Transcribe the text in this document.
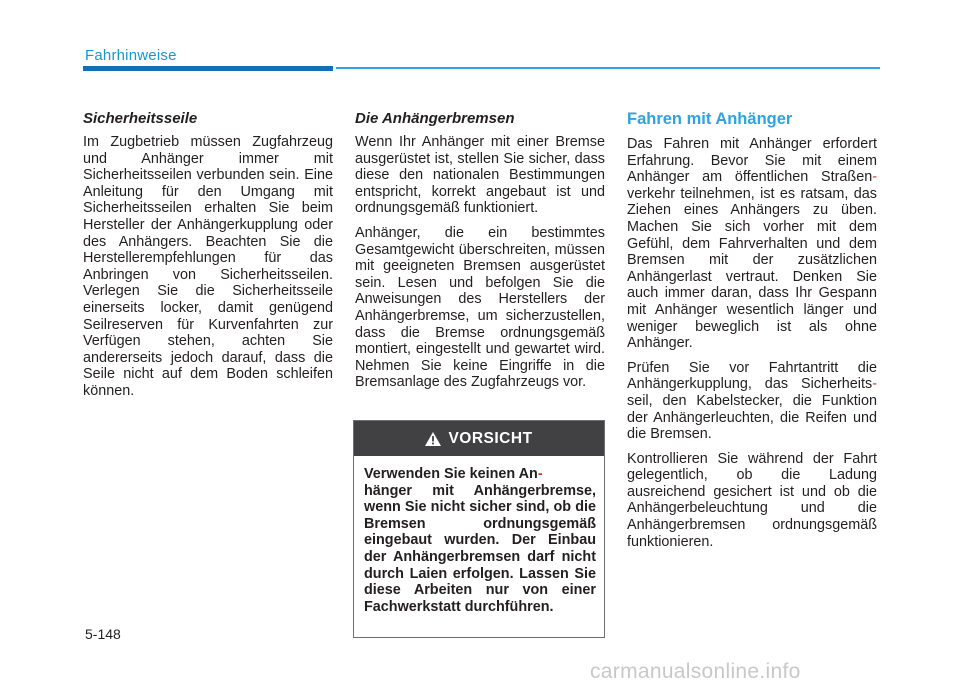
Fahrhinweise
Sicherheitsseile

Im Zugbetrieb müssen Zugfahrzeug und Anhänger immer mit Sicherheitsseilen verbunden sein. Eine Anleitung für den Umgang mit Sicherheitsseilen erhalten Sie beim Hersteller der Anhängerkupplung oder des Anhängers. Beachten Sie die Herstellerempfehlungen für das Anbringen von Sicherheitsseilen. Verlegen Sie die Sicherheitsseile einerseits locker, damit genügend Seilreserven für Kurvenfahrten zur Verfügen stehen, achten Sie andererseits jedoch darauf, dass die Seile nicht auf dem Boden schleifen können.

Die Anhängerbremsen

Wenn Ihr Anhänger mit einer Bremse ausgerüstet ist, stellen Sie sicher, dass diese den nationalen Bestimmungen entspricht, korrekt angebaut ist und ordnungsgemäß funktioniert.

Anhänger, die ein bestimmtes Gesamtgewicht überschreiten, müssen mit geeigneten Bremsen ausgerüstet sein. Lesen und befolgen Sie die Anweisungen des Herstellers der Anhängerbremse, um sicherzustellen, dass die Bremse ordnungsgemäß montiert, eingestellt und gewartet wird. Nehmen Sie keine Eingriffe in die Bremsanlage des Zugfahrzeugs vor.

VORSICHT
Verwenden Sie keinen An-
hänger mit Anhängerbremse, wenn Sie nicht sicher sind, ob die Bremsen ordnungsgemäß eingebaut wurden. Der Einbau der Anhängerbremsen darf nicht durch Laien erfolgen. Lassen Sie diese Arbeiten nur von einer Fachwerkstatt durchführen.
Fahren mit Anhänger

Das Fahren mit Anhänger erfordert Erfahrung. Bevor Sie mit einem Anhänger am öffentlichen Straßen-verkehr teilnehmen, ist es ratsam, das Ziehen eines Anhängers zu üben. Machen Sie sich vorher mit dem Gefühl, dem Fahrverhalten und dem Bremsen mit der zusätzlichen Anhängerlast vertraut. Denken Sie auch immer daran, dass Ihr Gespann mit Anhänger wesentlich länger und weniger beweglich ist als ohne Anhänger.

Prüfen Sie vor Fahrtantritt die Anhängerkupplung, das Sicherheits-seil, den Kabelstecker, die Funktion der Anhängerleuchten, die Reifen und die Bremsen.

Kontrollieren Sie während der Fahrt gelegentlich, ob die Ladung ausreichend gesichert ist und ob die Anhängerbeleuchtung und die Anhängerbremsen ordnungsgemäß funktionieren.

5-148
carmanualsonline.info
